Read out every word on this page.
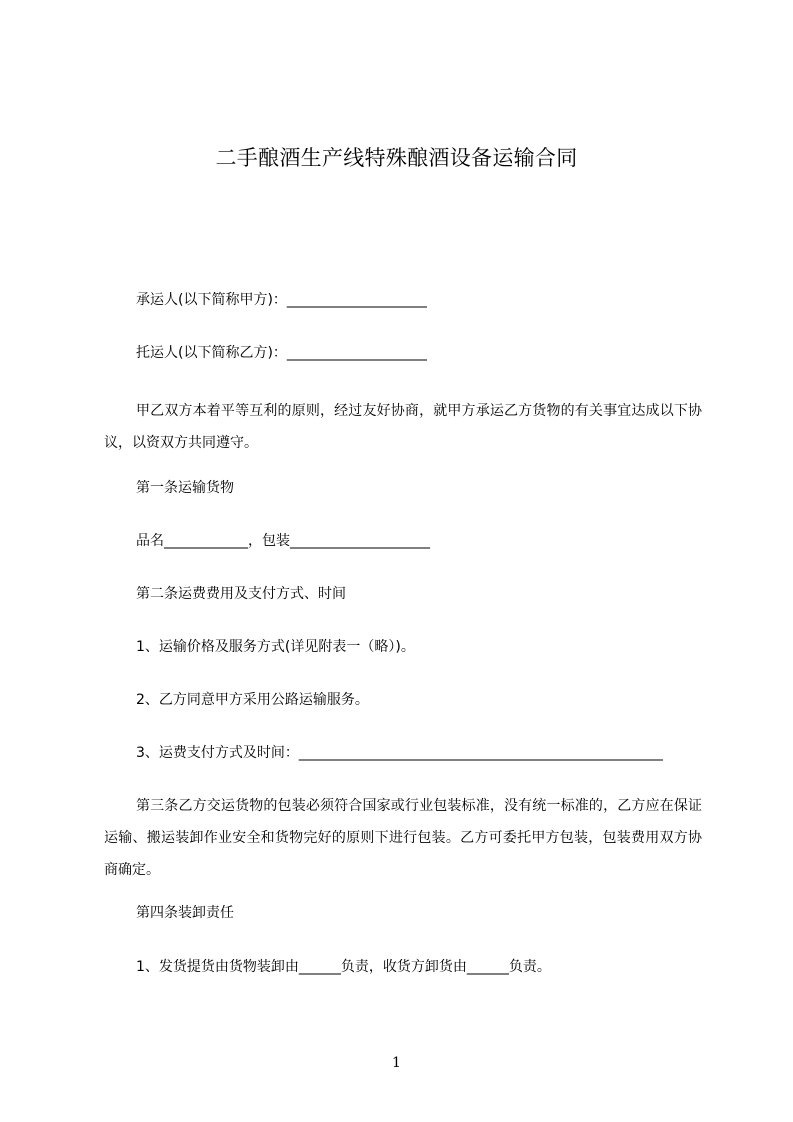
二手酿酒生产线特殊酿酒设备运输合同
承运人(以下简称甲方)：____________________
托运人(以下简称乙方)：____________________
甲乙双方本着平等互利的原则，经过友好协商，就甲方承运乙方货物的有关事宜达成以下协议，以资双方共同遵守。
第一条运输货物
品名____________，包装____________________
第二条运费费用及支付方式、时间
1、运输价格及服务方式(详见附表一（略）)。
2、乙方同意甲方采用公路运输服务。
3、运费支付方式及时间：____________________________________________________
第三条乙方交运货物的包装必须符合国家或行业包装标准，没有统一标准的，乙方应在保证运输、搬运装卸作业安全和货物完好的原则下进行包装。乙方可委托甲方包装，包装费用双方协商确定。
第四条装卸责任
1、发货提货由货物装卸由______负责，收货方卸货由______负责。
1
